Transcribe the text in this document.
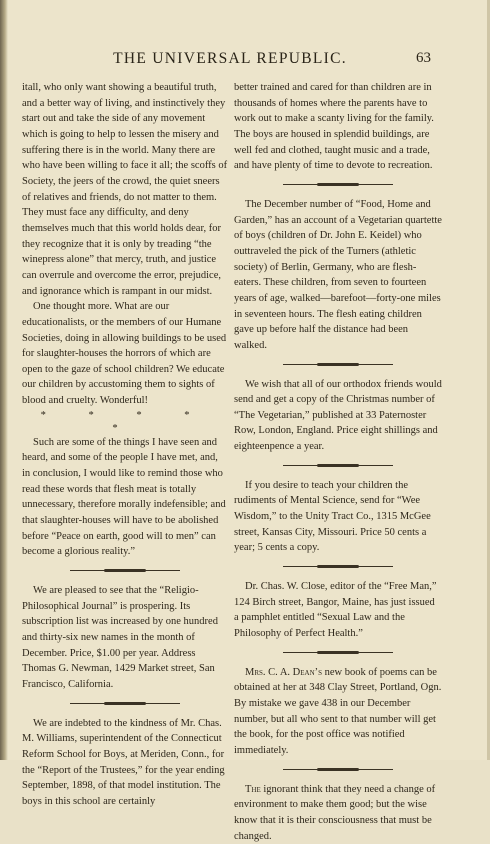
THE UNIVERSAL REPUBLIC.	63

itall, who only want showing a beautiful truth, and a better way of living, and instinctively they start out and take the side of any movement which is going to help to lessen the misery and suffering there is in the world. Many there are who have been willing to face it all; the scoffs of Society, the jeers of the crowd, the quiet sneers of relatives and friends, do not matter to them. They must face any difficulty, and deny themselves much that this world holds dear, for they recognize that it is only by treading “the winepress alone” that mercy, truth, and justice can overrule and overcome the error, prejudice, and ignorance which is rampant in our midst.

One thought more. What are our educationalists, or the members of our Humane Societies, doing in allowing buildings to be used for slaughter-houses the horrors of which are open to the gaze of school children? We educate our children by accustoming them to sights of blood and cruelty. Wonderful!

* * * * *

Such are some of the things I have seen and heard, and some of the people I have met, and, in conclusion, I would like to remind those who read these words that flesh meat is totally unnecessary, therefore morally indefensible; and that slaughter-houses will have to be abolished before “Peace on earth, good will to men” can become a glorious reality.”

We are pleased to see that the “Religio-Philosophical Journal” is prospering. Its subscription list was increased by one hundred and thirty-six new names in the month of December. Price, $1.00 per year. Address Thomas G. Newman, 1429 Market street, San Francisco, California.

We are indebted to the kindness of Mr. Chas. M. Williams, superintendent of the Connecticut Reform School for Boys, at Meriden, Conn., for the “Report of the Trustees,” for the year ending September, 1898, of that model institution. The boys in this school are certainly

better trained and cared for than children are in thousands of homes where the parents have to work out to make a scanty living for the family. The boys are housed in splendid buildings, are well fed and clothed, taught music and a trade, and have plenty of time to devote to recreation.

The December number of “Food, Home and Garden,” has an account of a Vegetarian quartette of boys (children of Dr. John E. Keidel) who outtraveled the pick of the Turners (athletic society) of Berlin, Germany, who are flesh-eaters. These children, from seven to fourteen years of age, walked—barefoot—forty-one miles in seventeen hours. The flesh eating children gave up before half the distance had been walked.

We wish that all of our orthodox friends would send and get a copy of the Christmas number of “The Vegetarian,” published at 33 Paternoster Row, London, England. Price eight shillings and eighteenpence a year.

If you desire to teach your children the rudiments of Mental Science, send for “Wee Wisdom,” to the Unity Tract Co., 1315 McGee street, Kansas City, Missouri. Price 50 cents a year; 5 cents a copy.

Dr. Chas. W. Close, editor of the “Free Man,” 124 Birch street, Bangor, Maine, has just issued a pamphlet entitled “Sexual Law and the Philosophy of Perfect Health.”

Mrs. C. A. Dean’s new book of poems can be obtained at her at 348 Clay Street, Portland, Ogn. By mistake we gave 438 in our December number, but all who sent to that number will get the book, for the post office was notified immediately.

The ignorant think that they need a change of environment to make them good; but the wise know that it is their consciousness that must be changed.
